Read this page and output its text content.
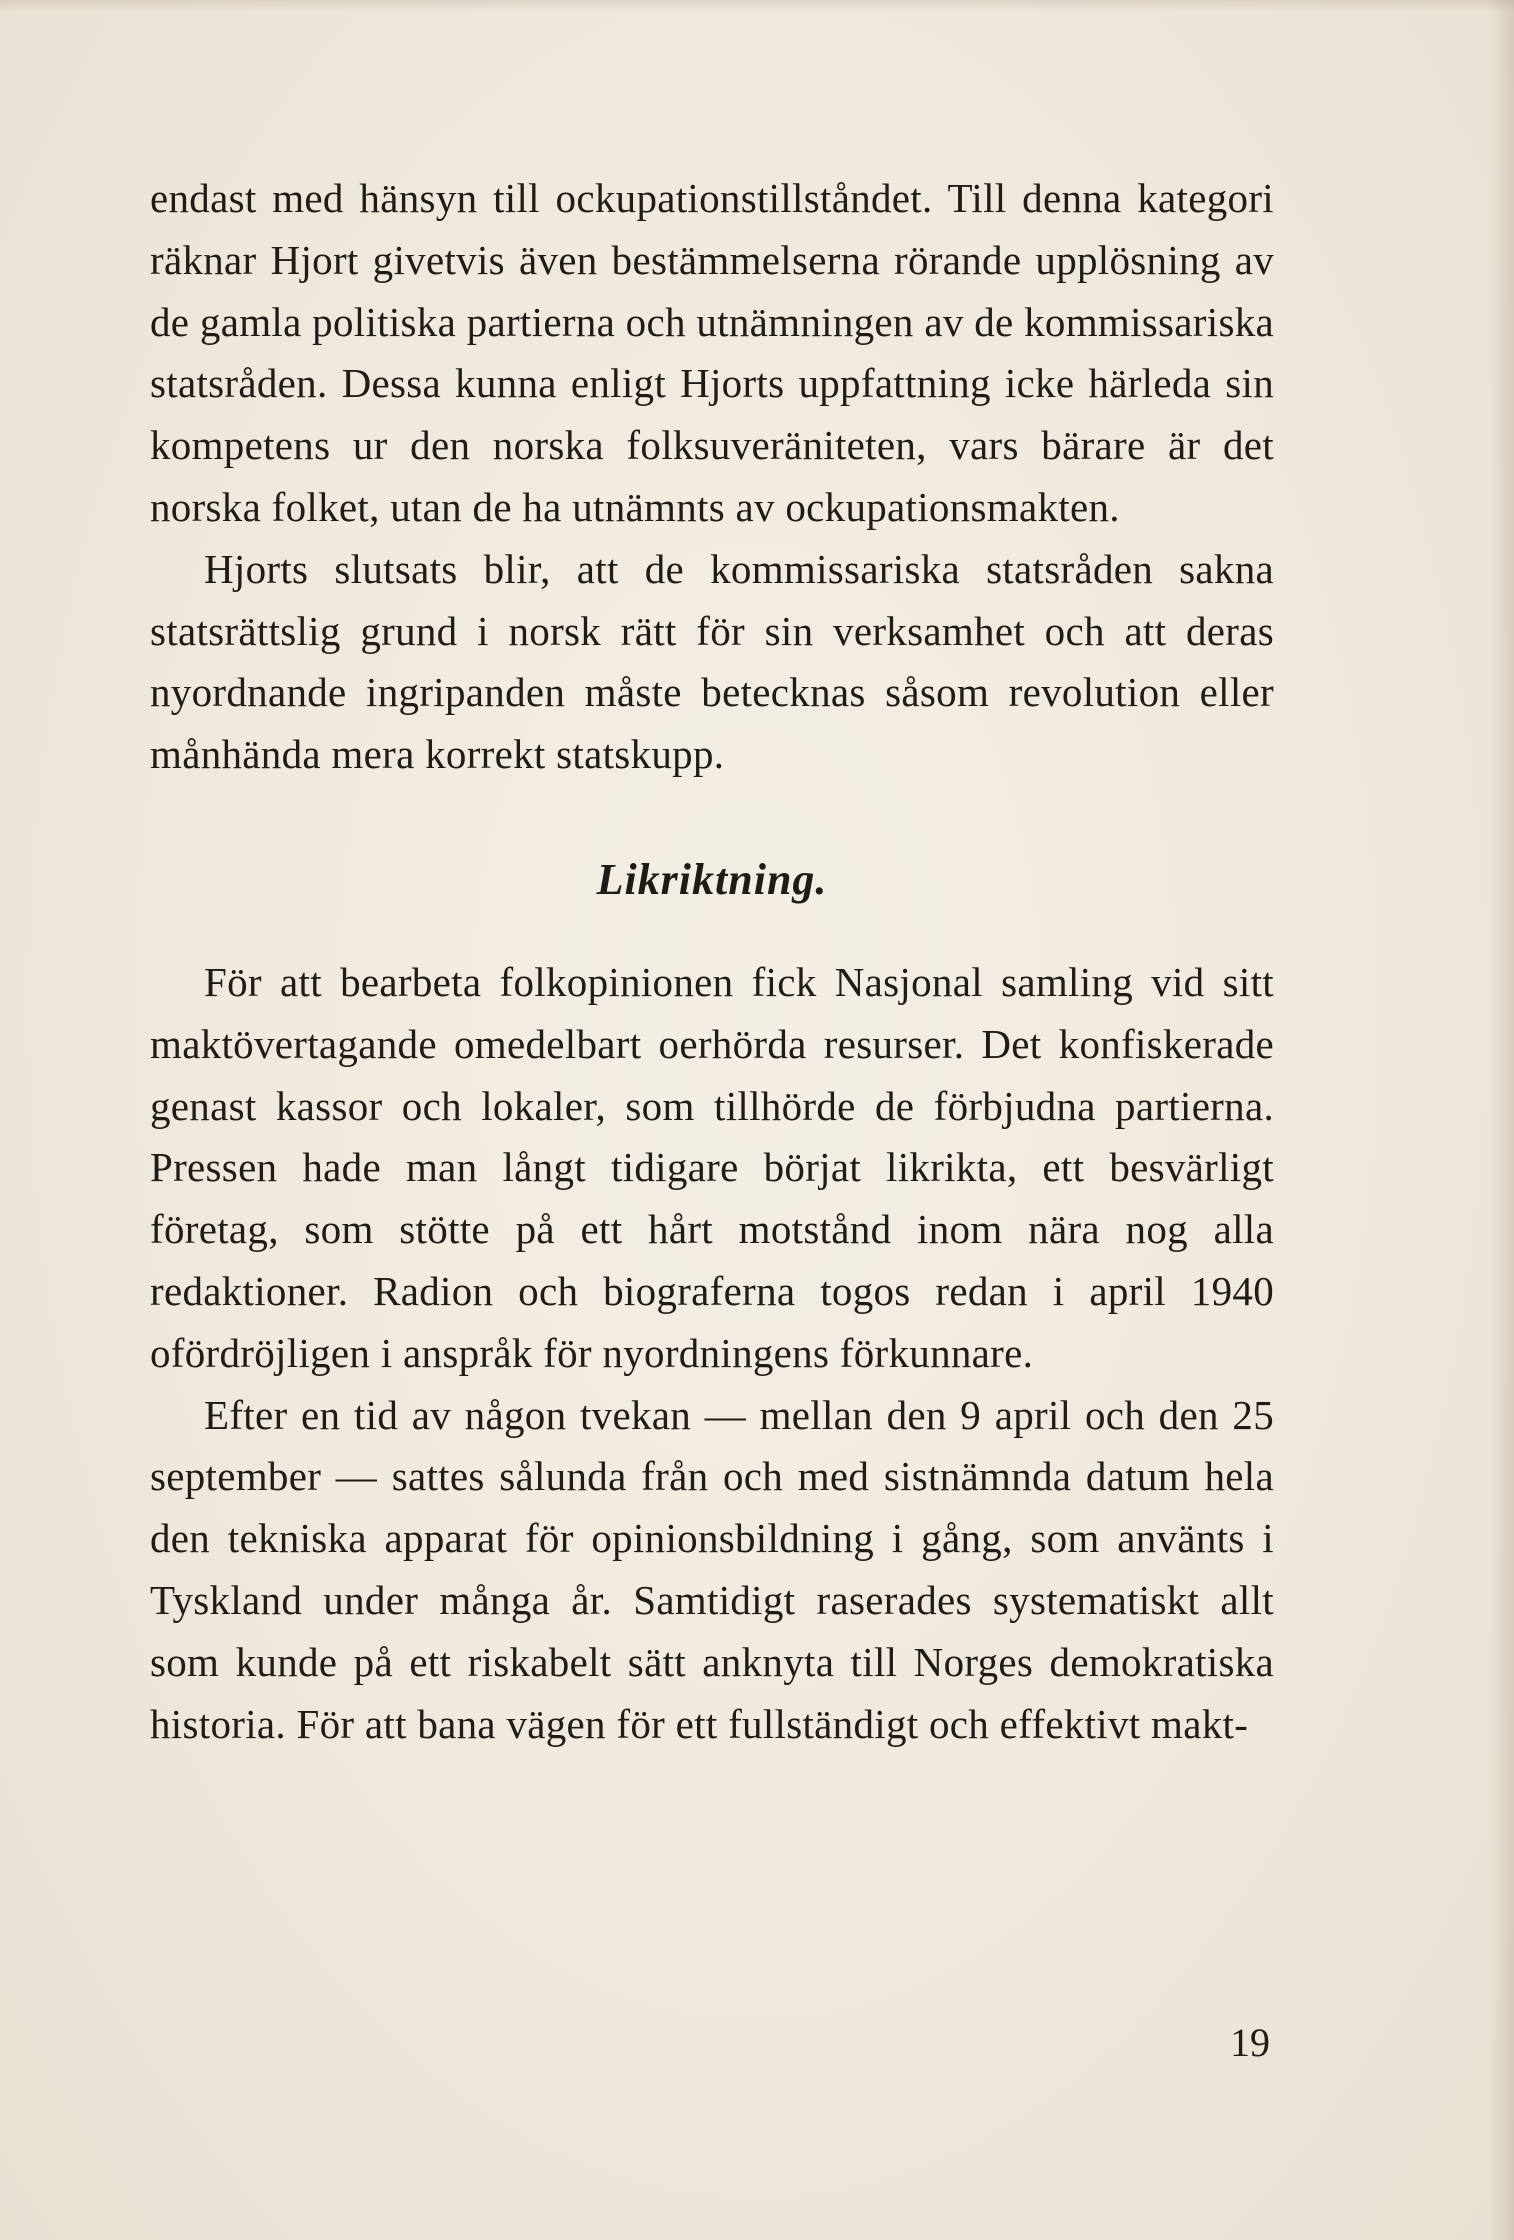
endast med hänsyn till ockupationstillståndet. Till denna kategori räknar Hjort givetvis även bestämmelserna rörande upplösning av de gamla politiska partierna och utnämningen av de kommissariska statsråden. Dessa kunna enligt Hjorts uppfattning icke härleda sin kompetens ur den norska folksuveräniteten, vars bärare är det norska folket, utan de ha utnämnts av ockupationsmakten.

Hjorts slutsats blir, att de kommissariska statsråden sakna statsrättslig grund i norsk rätt för sin verksamhet och att deras nyordnande ingripanden måste betecknas såsom revolution eller månhända mera korrekt statskupp.

Likriktning.

För att bearbeta folkopinionen fick Nasjonal samling vid sitt maktövertagande omedelbart oerhörda resurser. Det konfiskerade genast kassor och lokaler, som tillhörde de förbjudna partierna. Pressen hade man långt tidigare börjat likrikta, ett besvärligt företag, som stötte på ett hårt motstånd inom nära nog alla redaktioner. Radion och biograferna togos redan i april 1940 ofördröjligen i anspråk för nyordningens förkunnare.

Efter en tid av någon tvekan — mellan den 9 april och den 25 september — sattes sålunda från och med sistnämnda datum hela den tekniska apparat för opinionsbildning i gång, som använts i Tyskland under många år. Samtidigt raserades systematiskt allt som kunde på ett riskabelt sätt anknyta till Norges demokratiska historia. För att bana vägen för ett fullständigt och effektivt makt-

19
